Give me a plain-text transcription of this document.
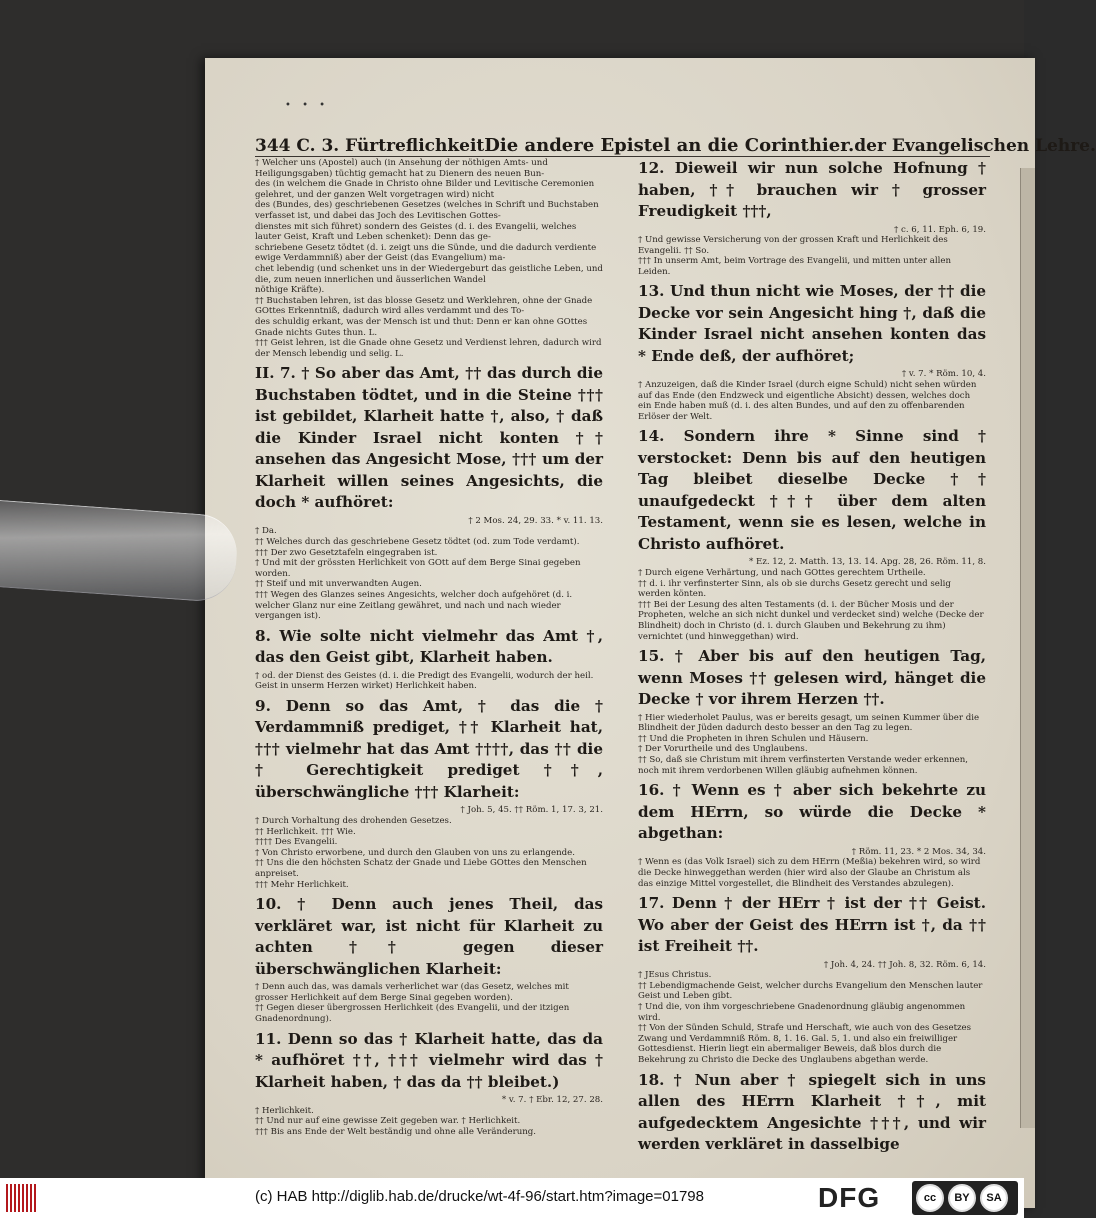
• • •
344 C. 3. Fürtreflichkeit Die andere Epistel an die Corinthier. der Evangelischen Lehre.
† Welcher uns (Apostel) auch (in Ansehung der nöthigen Amts- und Heiligungsgaben) tüchtig gemacht hat zu Dienern des neuen Bun-
des (in welchem die Gnade in Christo ohne Bilder und Levitische Ceremonien gelehret, und der ganzen Welt vorgetragen wird) nicht
des (Bundes, des) geschriebenen Gesetzes (welches in Schrift und Buchstaben verfasset ist, und dabei das Joch des Levitischen Gottes-
dienstes mit sich führet) sondern des Geistes (d. i. des Evangelii, welches lauter Geist, Kraft und Leben schenket): Denn das ge-
schriebene Gesetz tödtet (d. i. zeigt uns die Sünde, und die dadurch verdiente ewige Verdammniß) aber der Geist (das Evangelium) ma-
chet lebendig (und schenket uns in der Wiedergeburt das geistliche Leben, und die, zum neuen innerlichen und äusserlichen Wandel
nöthige Kräfte).
†† Buchstaben lehren, ist das blosse Gesetz und Werklehren, ohne der Gnade GOttes Erkenntniß, dadurch wird alles verdammt und des To-
des schuldig erkant, was der Mensch ist und thut: Denn er kan ohne GOttes Gnade nichts Gutes thun. L.
††† Geist lehren, ist die Gnade ohne Gesetz und Verdienst lehren, dadurch wird der Mensch lebendig und selig. L.

II. 7. † So aber das Amt, †† das durch die Buchstaben tödtet, und in die Steine ††† ist gebildet, Klarheit hatte †, also, † daß die Kinder Israel nicht konten †† ansehen das Angesicht Mose, ††† um der Klarheit willen seines Angesichts, die doch * aufhöret:

† 2 Mos. 24, 29. 33. * v. 11. 13.

† Da.
†† Welches durch das geschriebene Gesetz tödtet (od. zum Tode verdamt).
††† Der zwo Gesetztafeln eingegraben ist.
† Und mit der grössten Herlichkeit von GOtt auf dem Berge Sinai gegeben worden.
†† Steif und mit unverwandten Augen.
††† Wegen des Glanzes seines Angesichts, welcher doch aufgehöret (d. i. welcher Glanz nur eine Zeitlang gewähret, und nach und nach wieder vergangen ist).

8. Wie solte nicht vielmehr das Amt †, das den Geist gibt, Klarheit haben.

† od. der Dienst des Geistes (d. i. die Predigt des Evangelii, wodurch der heil. Geist in unserm Herzen wirket) Herlichkeit haben.

9. Denn so das Amt, † das die † Verdammniß prediget, †† Klarheit hat, ††† vielmehr hat das Amt ††††, das †† die † Gerechtigkeit prediget ††, überschwängliche ††† Klarheit:

† Joh. 5, 45. †† Röm. 1, 17. 3, 21.

† Durch Vorhaltung des drohenden Gesetzes.
†† Herlichkeit. ††† Wie.
†††† Des Evangelii.
† Von Christo erworbene, und durch den Glauben von uns zu erlangende.
†† Uns die den höchsten Schatz der Gnade und Liebe GOttes den Menschen anpreiset.
††† Mehr Herlichkeit.

10. † Denn auch jenes Theil, das verkläret war, ist nicht für Klarheit zu achten †† gegen dieser überschwänglichen Klarheit:

† Denn auch das, was damals verherlichet war (das Gesetz, welches mit grosser Herlichkeit auf dem Berge Sinai gegeben worden).
†† Gegen dieser übergrossen Herlichkeit (des Evangelii, und der itzigen Gnadenordnung).

11. Denn so das † Klarheit hatte, das da * aufhöret ††, ††† vielmehr wird das † Klarheit haben, † das da †† bleibet.)

* v. 7. † Ebr. 12, 27. 28.

† Herlichkeit.
†† Und nur auf eine gewisse Zeit gegeben war. † Herlichkeit.
††† Bis ans Ende der Welt beständig und ohne alle Veränderung.

12. Dieweil wir nun solche Hofnung † haben, †† brauchen wir † grosser Freudigkeit †††,

† c. 6, 11. Eph. 6, 19.

† Und gewisse Versicherung von der grossen Kraft und Herlichkeit des Evangelii. †† So.
††† In unserm Amt, beim Vortrage des Evangelii, und mitten unter allen Leiden.

13. Und thun nicht wie Moses, der †† die Decke vor sein Angesicht hing †, daß die Kinder Israel nicht ansehen konten das * Ende deß, der aufhöret;

† v. 7. * Röm. 10, 4.

† Anzuzeigen, daß die Kinder Israel (durch eigne Schuld) nicht sehen würden auf das Ende (den Endzweck und eigentliche Absicht) dessen, welches doch ein Ende haben muß (d. i. des alten Bundes, und auf den zu offenbarenden Erlöser der Welt.

14. Sondern ihre * Sinne sind † verstocket: Denn bis auf den heutigen Tag bleibet dieselbe Decke †† unaufgedeckt ††† über dem alten Testament, wenn sie es lesen, welche in Christo aufhöret.

* Ez. 12, 2. Matth. 13, 13. 14. Apg. 28, 26. Röm. 11, 8.

† Durch eigene Verhärtung, und nach GOttes gerechtem Urtheile.
†† d. i. ihr verfinsterter Sinn, als ob sie durchs Gesetz gerecht und selig werden könten.
††† Bei der Lesung des alten Testaments (d. i. der Bücher Mosis und der Propheten, welche an sich nicht dunkel und verdecket sind) welche (Decke der Blindheit) doch in Christo (d. i. durch Glauben und Bekehrung zu ihm) vernichtet (und hinweggethan) wird.

15. † Aber bis auf den heutigen Tag, wenn Moses †† gelesen wird, hänget die Decke † vor ihrem Herzen ††.

† Hier wiederholet Paulus, was er bereits gesagt, um seinen Kummer über die Blindheit der Jüden dadurch desto besser an den Tag zu legen.
†† Und die Propheten in ihren Schulen und Häusern.
† Der Vorurtheile und des Unglaubens.
†† So, daß sie Christum mit ihrem verfinsterten Verstande weder erkennen, noch mit ihrem verdorbenen Willen gläubig aufnehmen können.

16. † Wenn es † aber sich bekehrte zu dem HErrn, so würde die Decke * abgethan:

† Röm. 11, 23. * 2 Mos. 34, 34.

† Wenn es (das Volk Israel) sich zu dem HErrn (Meßia) bekehren wird, so wird die Decke hinweggethan werden (hier wird also der Glaube an Christum als das einzige Mittel vorgestellet, die Blindheit des Verstandes abzulegen).

17. Denn † der HErr † ist der †† Geist. Wo aber der Geist des HErrn ist †, da †† ist Freiheit ††.

† Joh. 4, 24. †† Joh. 8, 32. Röm. 6, 14.

† JEsus Christus.
†† Lebendigmachende Geist, welcher durchs Evangelium den Menschen lauter Geist und Leben gibt.
† Und die, von ihm vorgeschriebene Gnadenordnung gläubig angenommen wird.
†† Von der Sünden Schuld, Strafe und Herschaft, wie auch von des Gesetzes Zwang und Verdammniß Röm. 8, 1. 16. Gal. 5, 1. und also ein freiwilliger Gottesdienst. Hierin liegt ein abermaliger Beweis, daß blos durch die Bekehrung zu Christo die Decke des Unglaubens abgethan werde.

18. † Nun aber † spiegelt sich in uns allen des HErrn Klarheit ††, mit aufgedecktem Angesichte †††, und wir werden verkläret in dasselbige

(c) HAB http://diglib.hab.de/drucke/wt-4f-96/start.htm?image=01798	DFG	cc	BY	SA
